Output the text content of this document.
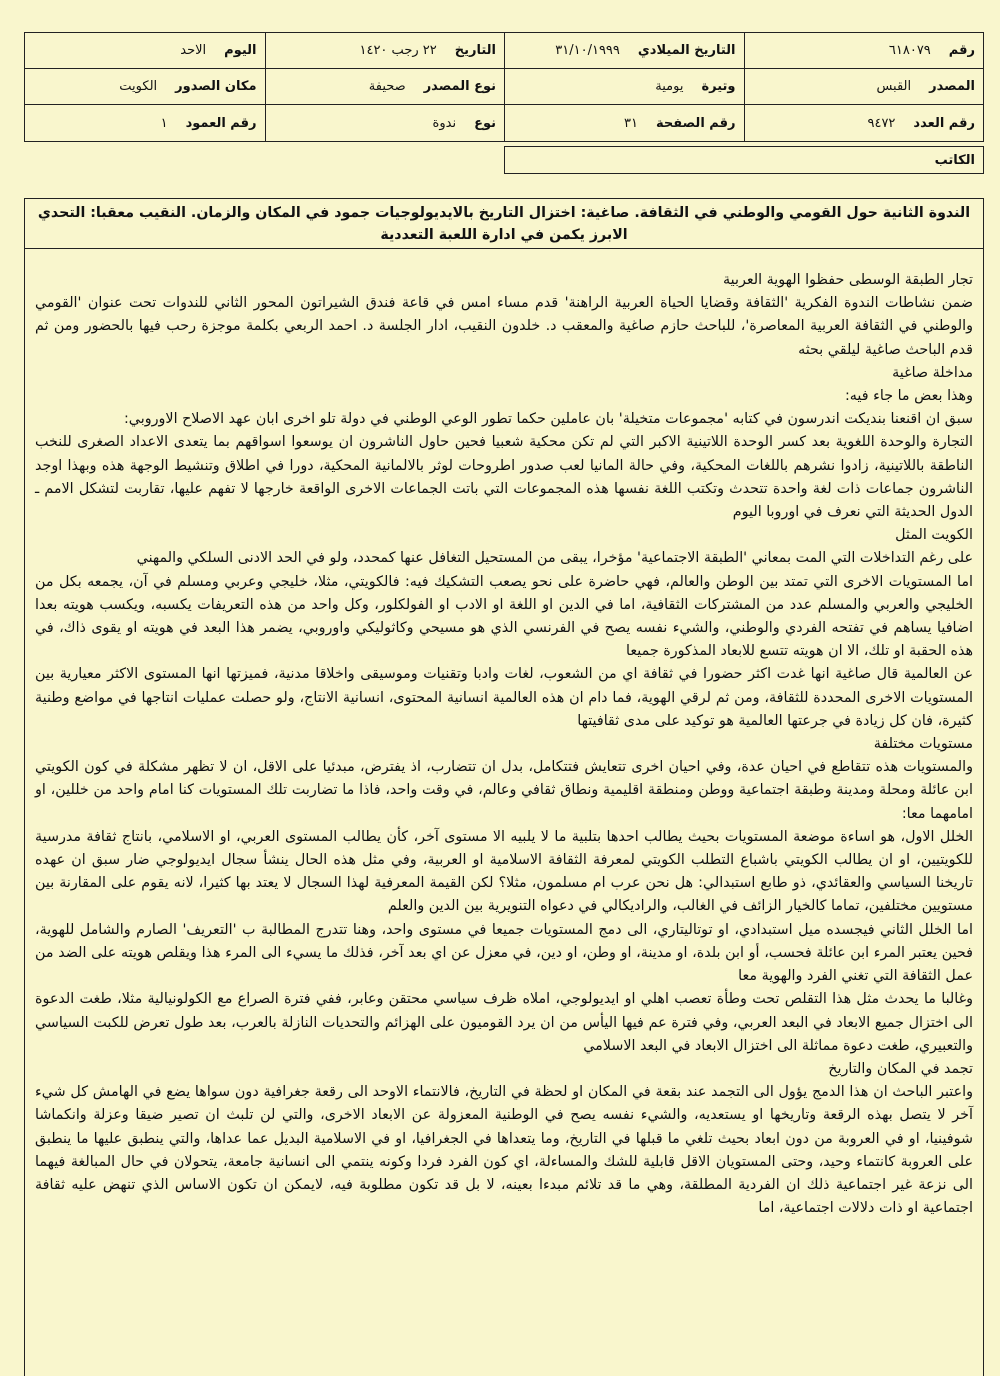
رقم
٦١٨٠٧٩
التاريخ الميلادي
٣١/١٠/١٩٩٩
التاريخ
٢٢ رجب ١٤٢٠
اليوم
الاحد
المصدر
القبس
وتيرة
يومية
نوع المصدر
صحيفة
مكان الصدور
الكويت
رقم العدد
٩٤٧٢
رقم الصفحة
٣١
نوع
ندوة
رقم العمود
١
الكاتب
الندوة الثانية حول القومي والوطني في الثقافة. صاغية: اختزال التاريخ بالايديولوجيات جمود في المكان والزمان. النقيب معقبا: التحدي الابرز يكمن في ادارة اللعبة التعددية
تجار الطبقة الوسطى حفظوا الهوية العربية
ضمن نشاطات الندوة الفكرية 'الثقافة وقضايا الحياة العربية الراهنة' قدم مساء امس في قاعة فندق الشيراتون المحور الثاني للندوات تحت عنوان 'القومي والوطني في الثقافة العربية المعاصرة'، للباحث حازم صاغية والمعقب د. خلدون النقيب، ادار الجلسة د. احمد الربعي بكلمة موجزة رحب فيها بالحضور ومن ثم قدم الباحث صاغية ليلقي بحثه
مداخلة صاغية
وهذا بعض ما جاء فيه:
سبق ان اقنعنا بنديكت اندرسون في كتابه 'مجموعات متخيلة' بان عاملين حكما تطور الوعي الوطني في دولة تلو اخرى ابان عهد الاصلاح الاوروبي:
التجارة والوحدة اللغوية بعد كسر الوحدة اللاتينية الاكبر التي لم تكن محكية شعبيا فحين حاول الناشرون ان يوسعوا اسواقهم بما يتعدى الاعداد الصغرى للنخب الناطقة باللاتينية، زادوا نشرهم باللغات المحكية، وفي حالة المانيا لعب صدور اطروحات لوثر بالالمانية المحكية، دورا في اطلاق وتنشيط الوجهة هذه وبهذا اوجد الناشرون جماعات ذات لغة واحدة تتحدث وتكتب اللغة نفسها هذه المجموعات التي باتت الجماعات الاخرى الواقعة خارجها لا تفهم عليها، تقاربت لتشكل الامم ـ الدول الحديثة التي نعرف في اوروبا اليوم
الكويت المثل
على رغم التداخلات التي المت بمعاني 'الطبقة الاجتماعية' مؤخرا، يبقى من المستحيل التغافل عنها كمحدد، ولو في الحد الادنى السلكي والمهني
اما المستويات الاخرى التي تمتد بين الوطن والعالم، فهي حاضرة على نحو يصعب التشكيك فيه: فالكويتي، مثلا، خليجي وعربي ومسلم في آن، يجمعه بكل من الخليجي والعربي والمسلم عدد من المشتركات الثقافية، اما في الدين او اللغة او الادب او الفولكلور، وكل واحد من هذه التعريفات يكسبه، ويكسب هويته بعدا اضافيا يساهم في تفتحه الفردي والوطني، والشيء نفسه يصح في الفرنسي الذي هو مسيحي وكاثوليكي واوروبي، يضمر هذا البعد في هويته او يقوى ذاك، في هذه الحقبة او تلك، الا ان هويته تتسع للابعاد المذكورة جميعا
عن العالمية قال صاغية انها غدت اكثر حضورا في ثقافة اي من الشعوب، لغات وادبا وتقنيات وموسيقى واخلاقا مدنية، فميزتها انها المستوى الاكثر معيارية بين المستويات الاخرى المحددة للثقافة، ومن ثم لرقي الهوية، فما دام ان هذه العالمية انسانية المحتوى، انسانية الانتاج، ولو حصلت عمليات انتاجها في مواضع وطنية كثيرة، فان كل زيادة في جرعتها العالمية هو توكيد على مدى ثقافيتها
مستويات مختلفة
والمستويات هذه تتقاطع في احيان عدة، وفي احيان اخرى تتعايش فتتكامل، بدل ان تتضارب، اذ يفترض، مبدئيا على الاقل، ان لا تظهر مشكلة في كون الكويتي ابن عائلة ومحلة ومدينة وطبقة اجتماعية ووطن ومنطقة اقليمية ونطاق ثقافي وعالم، في وقت واحد، فاذا ما تضاربت تلك المستويات كنا امام واحد من خللين، او امامهما معا:
الخلل الاول، هو اساءة موضعة المستويات بحيث يطالب احدها بتلبية ما لا يلبيه الا مستوى آخر، كأن يطالب المستوى العربي، او الاسلامي، بانتاج ثقافة مدرسية للكويتيين، او ان يطالب الكويتي باشباع التطلب الكويتي لمعرفة الثقافة الاسلامية او العربية، وفي مثل هذه الحال ينشأ سجال ايديولوجي ضار سبق ان عهده تاريخنا السياسي والعقائدي، ذو طابع استبدالي: هل نحن عرب ام مسلمون، مثلا؟ لكن القيمة المعرفية لهذا السجال لا يعتد بها كثيرا، لانه يقوم على المقارنة بين مستويين مختلفين، تماما كالخيار الزائف في الغالب، والراديكالي في دعواه التنويرية بين الدين والعلم
اما الخلل الثاني فيجسده ميل استبدادي، او توتاليتاري، الى دمج المستويات جميعا في مستوى واحد، وهنا تتدرج المطالبة ب 'التعريف' الصارم والشامل للهوية، فحين يعتبر المرء ابن عائلة فحسب، أو ابن بلدة، او مدينة، او وطن، او دين، في معزل عن اي بعد آخر، فذلك ما يسيء الى المرء هذا ويقلص هويته على الضد من عمل الثقافة التي تغني الفرد والهوية معا
وغالبا ما يحدث مثل هذا التقلص تحت وطأة تعصب اهلي او ايديولوجي، املاه ظرف سياسي محتقن وعابر، ففي فترة الصراع مع الكولونيالية مثلا، طغت الدعوة الى اختزال جميع الابعاد في البعد العربي، وفي فترة عم فيها اليأس من ان يرد القوميون على الهزائم والتحديات النازلة بالعرب، بعد طول تعرض للكبت السياسي والتعبيري، طغت دعوة مماثلة الى اختزال الابعاد في البعد الاسلامي
تجمد في المكان والتاريخ
واعتبر الباحث ان هذا الدمج يؤول الى التجمد عند بقعة في المكان او لحظة في التاريخ، فالانتماء الاوحد الى رقعة جغرافية دون سواها يضع في الهامش كل شيء آخر لا يتصل بهذه الرقعة وتاريخها او يستعديه، والشيء نفسه يصح في الوطنية المعزولة عن الابعاد الاخرى، والتي لن تلبث ان تصير ضيقا وعزلة وانكماشا شوفينيا، او في العروبة من دون ابعاد بحيث تلغي ما قبلها في التاريخ، وما يتعداها في الجغرافيا، او في الاسلامية البديل عما عداها، والتي ينطبق عليها ما ينطبق على العروبة كانتماء وحيد، وحتى المستويان الاقل قابلية للشك والمساءلة، اي كون الفرد فردا وكونه ينتمي الى انسانية جامعة، يتحولان في حال المبالغة فيهما الى نزعة غير اجتماعية ذلك ان الفردية المطلقة، وهي ما قد تلائم مبدءا بعينه، لا بل قد تكون مطلوبة فيه، لايمكن ان تكون الاساس الذي تنهض عليه ثقافة اجتماعية او ذات دلالات اجتماعية، اما
